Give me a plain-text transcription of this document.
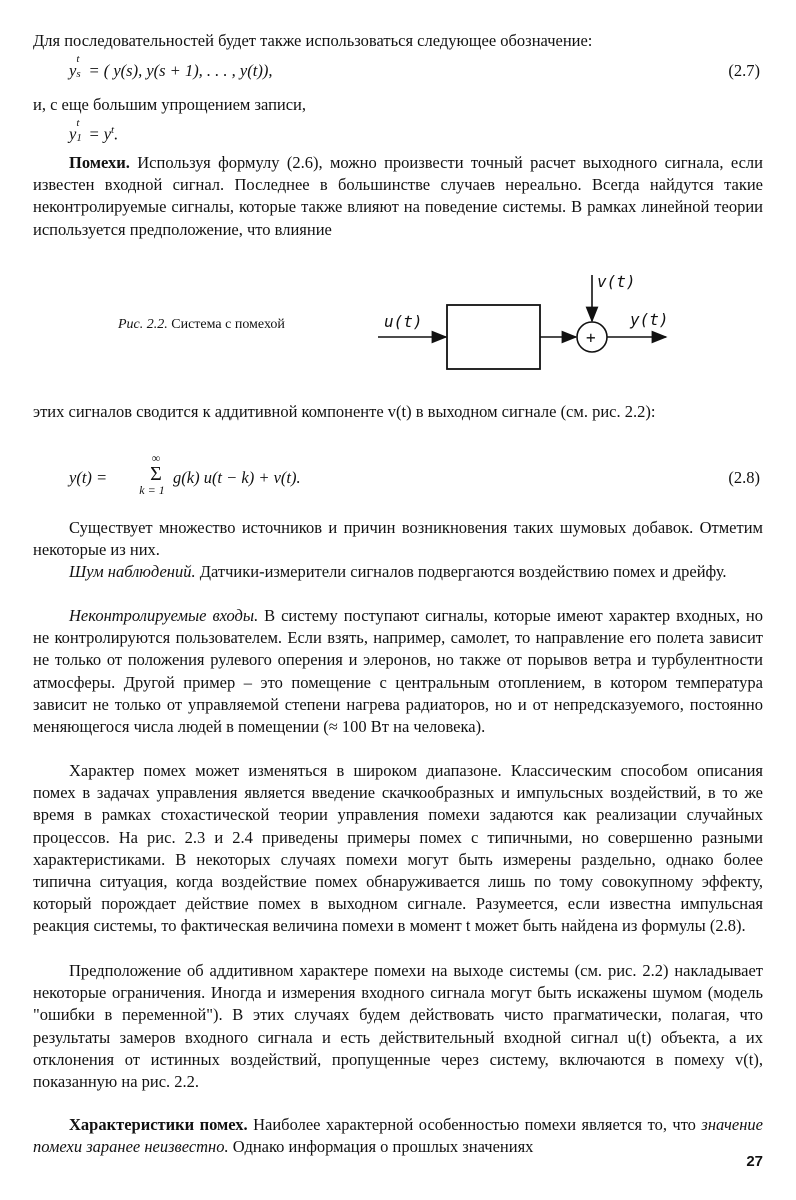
Для последовательностей будет также использоваться следующее обозначение:

y
t
s = ( y(s), y(s + 1), . . . , y(t)),	(2.7)

и, с еще большим упрощением записи,

y
t
$1 = y^t$.

Помехи. Используя формулу (2.6), можно произвести точный расчет выходного сигнала, если известен входной сигнал. Последнее в большинстве случаев нереально. Всегда найдутся такие неконтролируемые сигналы, которые также влияют на поведение системы. В рамках линейной теории используется предположение, что влияние

Рис. 2.2. Система с помехой	u(t)
+
v(t)
y(t)

этих сигналов сводится к аддитивной компоненте v(t) в выходном сигнале (см. рис. 2.2):

y(t) =
∞
Σ
k = 1
g(k) u(t − k) + v(t).	(2.8)

Существует множество источников и причин возникновения таких шумовых добавок. Отметим некоторые из них.

Шум наблюдений. Датчики-измерители сигналов подвергаются воздействию помех и дрейфу.

Неконтролируемые входы. В систему поступают сигналы, которые имеют характер входных, но не контролируются пользователем. Если взять, например, самолет, то направление его полета зависит не только от положения рулевого оперения и элеронов, но также от порывов ветра и турбулентности атмосферы. Другой пример – это помещение с центральным отоплением, в котором температура зависит не только от управляемой степени нагрева радиаторов, но и от непредсказуемого, постоянно меняющегося числа людей в помещении (≈ 100 Вт на человека).

Характер помех может изменяться в широком диапазоне. Классическим способом описания помех в задачах управления является введение скачкообразных и импульсных воздействий, в то же время в рамках стохастической теории управления помехи задаются как реализации случайных процессов. На рис. 2.3 и 2.4 приведены примеры помех с типичными, но совершенно разными характеристиками. В некоторых случаях помехи могут быть измерены раздельно, однако более типична ситуация, когда воздействие помех обнаруживается лишь по тому совокупному эффекту, который порождает действие помех в выходном сигнале. Разумеется, если известна импульсная реакция системы, то фактическая величина помехи в момент t может быть найдена из формулы (2.8).

Предположение об аддитивном характере помехи на выходе системы (см. рис. 2.2) накладывает некоторые ограничения. Иногда и измерения входного сигнала могут быть искажены шумом (модель "ошибки в переменной"). В этих случаях будем действовать чисто прагматически, полагая, что результаты замеров входного сигнала и есть действительный входной сигнал u(t) объекта, а их отклонения от истинных воздействий, пропущенные через систему, включаются в помеху v(t), показанную на рис. 2.2.

Характеристики помех. Наиболее характерной особенностью помехи является то, что значение помехи заранее неизвестно. Однако информация о прошлых значениях

27
